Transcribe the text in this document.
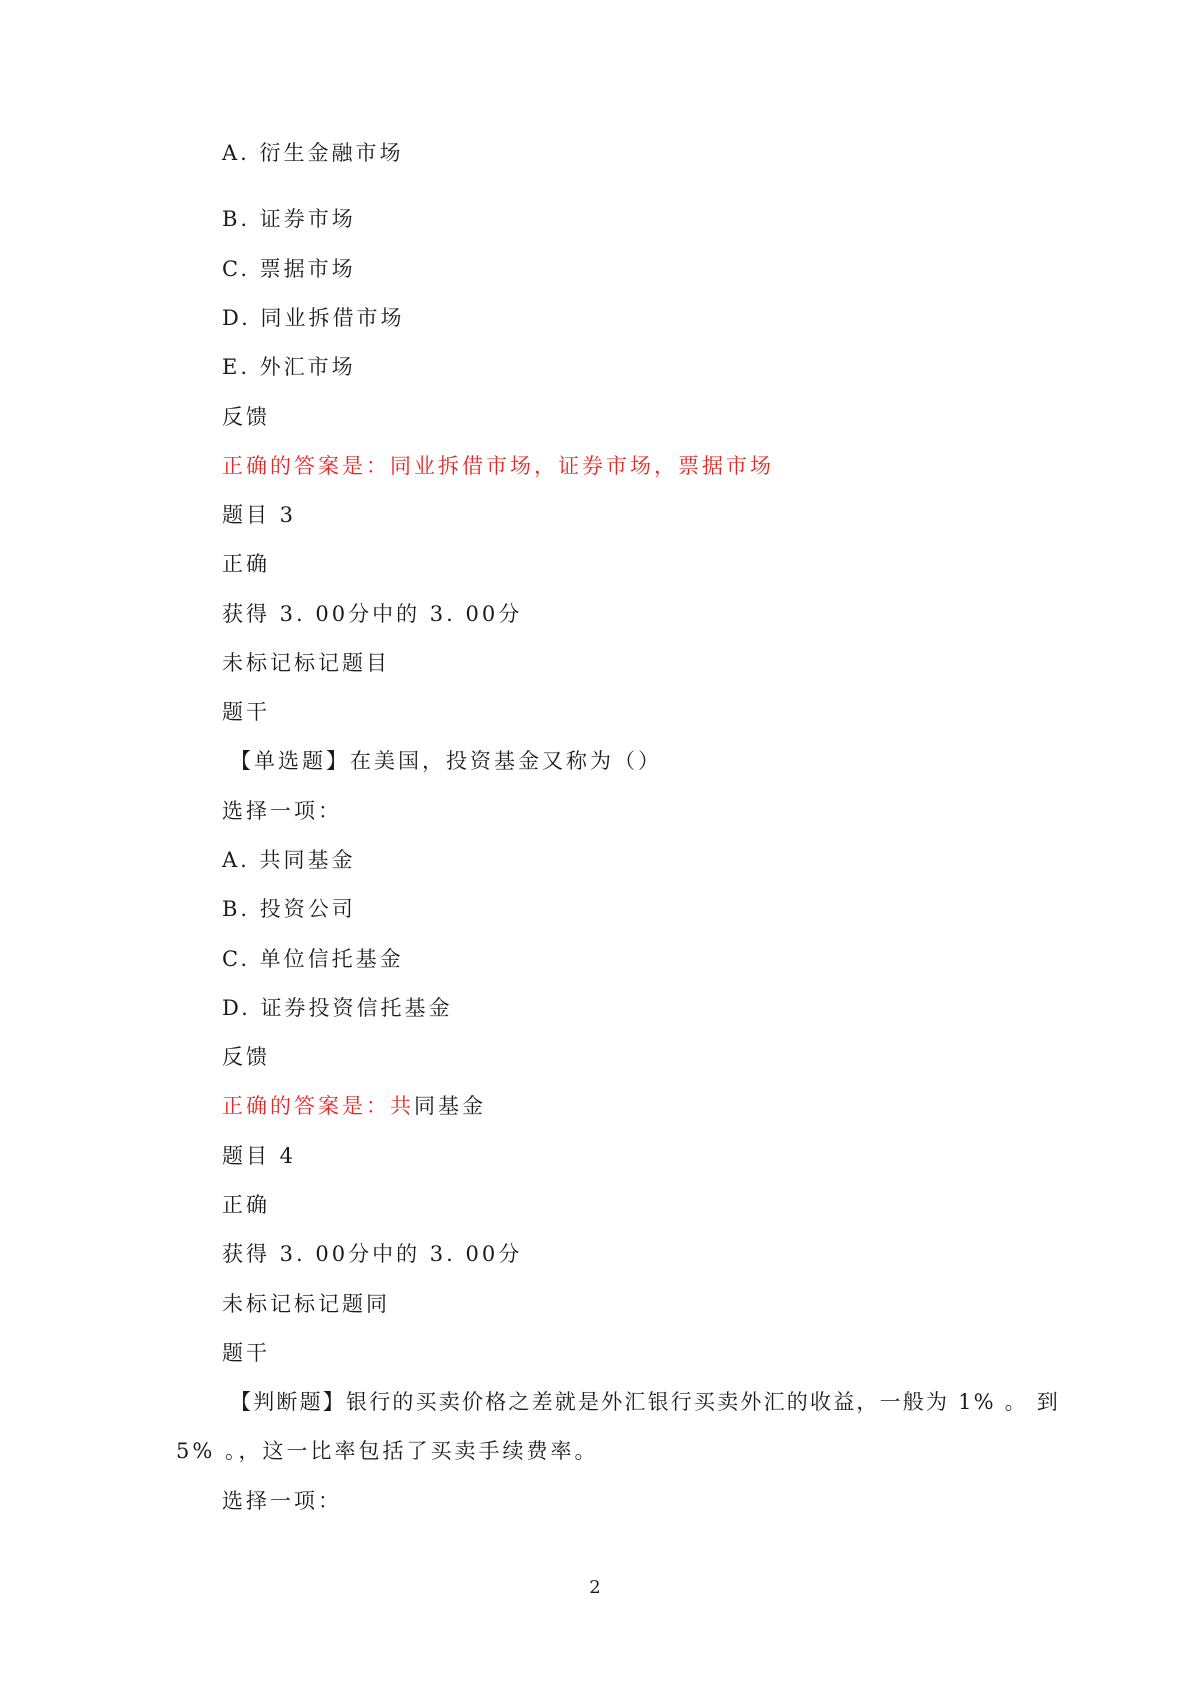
A. 衍生金融市场
B. 证券市场
C. 票据市场
D. 同业拆借市场
E. 外汇市场
反馈
正确的答案是：同业拆借市场，证券市场，票据市场
题目 3
正确
获得 3. 00分中的 3. 00分
未标记标记题目
题干
【单选题】在美国，投资基金又称为（）
选择一项：
A. 共同基金
B. 投资公司
C. 单位信托基金
D. 证券投资信托基金
反馈
正确的答案是：共同基金
题目 4
正确
获得 3. 00分中的 3. 00分
未标记标记题同
题干
【判断题】银行的买卖价格之差就是外汇银行买卖外汇的收益，一般为 1% 。 到
5% 。，这一比率包括了买卖手续费率。
选择一项：
2
